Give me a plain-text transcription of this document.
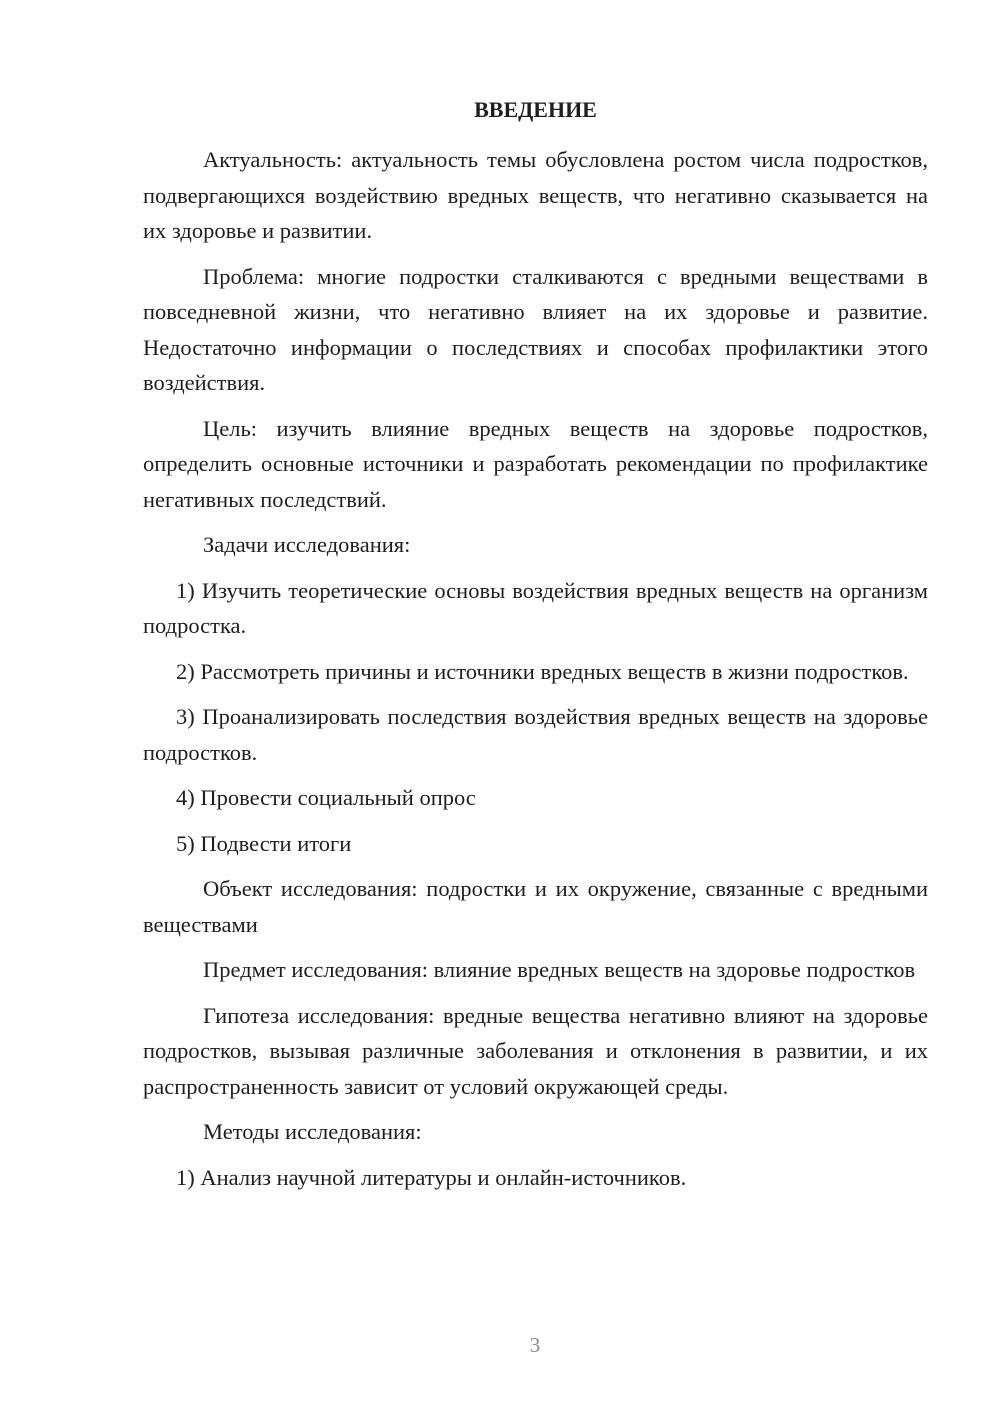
ВВЕДЕНИЕ

Актуальность: актуальность темы обусловлена ростом числа подростков, подвергающихся воздействию вредных веществ, что негативно сказывается на их здоровье и развитии.

Проблема: многие подростки сталкиваются с вредными веществами в повседневной жизни, что негативно влияет на их здоровье и развитие. Недостаточно информации о последствиях и способах профилактики этого воздействия.

Цель: изучить влияние вредных веществ на здоровье подростков, определить основные источники и разработать рекомендации по профилактике негативных последствий.

Задачи исследования:

1) Изучить теоретические основы воздействия вредных веществ на организм подростка.

2) Рассмотреть причины и источники вредных веществ в жизни подростков.

3) Проанализировать последствия воздействия вредных веществ на здоровье подростков.

4) Провести социальный опрос

5) Подвести итоги

Объект исследования: подростки и их окружение, связанные с вредными веществами

Предмет исследования: влияние вредных веществ на здоровье подростков

Гипотеза исследования: вредные вещества негативно влияют на здоровье подростков, вызывая различные заболевания и отклонения в развитии, и их распространенность зависит от условий окружающей среды.

Методы исследования:

1) Анализ научной литературы и онлайн-источников.

3
